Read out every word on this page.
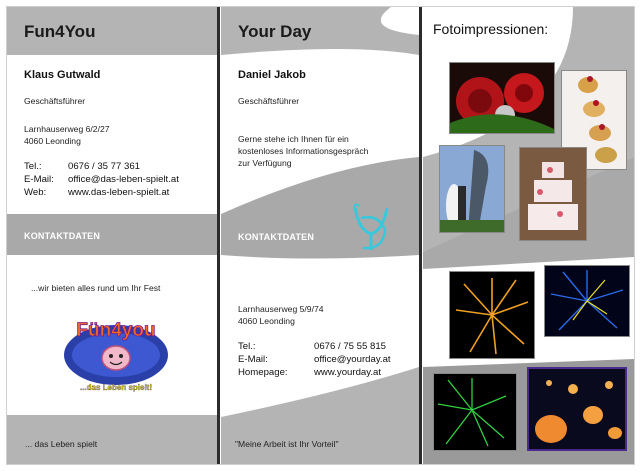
Fun4You
Klaus Gutwald
Geschäftsführer
Larnhauserweg 6/2/27
4060 Leonding
Tel.:	0676 / 35 77 361
E-Mail: office@das-leben-spielt.at
Web: www.das-leben-spielt.at
KONTAKTDATEN
...wir bieten alles rund um Ihr Fest
Fün4you
...das Leben spielt!
... das Leben spielt
Your Day
Daniel Jakob
Geschäftsführer
Gerne stehe ich Ihnen für ein
kostenloses Informationsgespräch
zur Verfügung
KONTAKTDATEN
Larnhauserweg 5/9/74
4060 Leonding
Tel.:	0676 / 75 55 815
E-Mail:	office@yourday.at
Homepage:	www.yourday.at
"Meine Arbeit ist Ihr Vorteil"
Fotoimpressionen:
